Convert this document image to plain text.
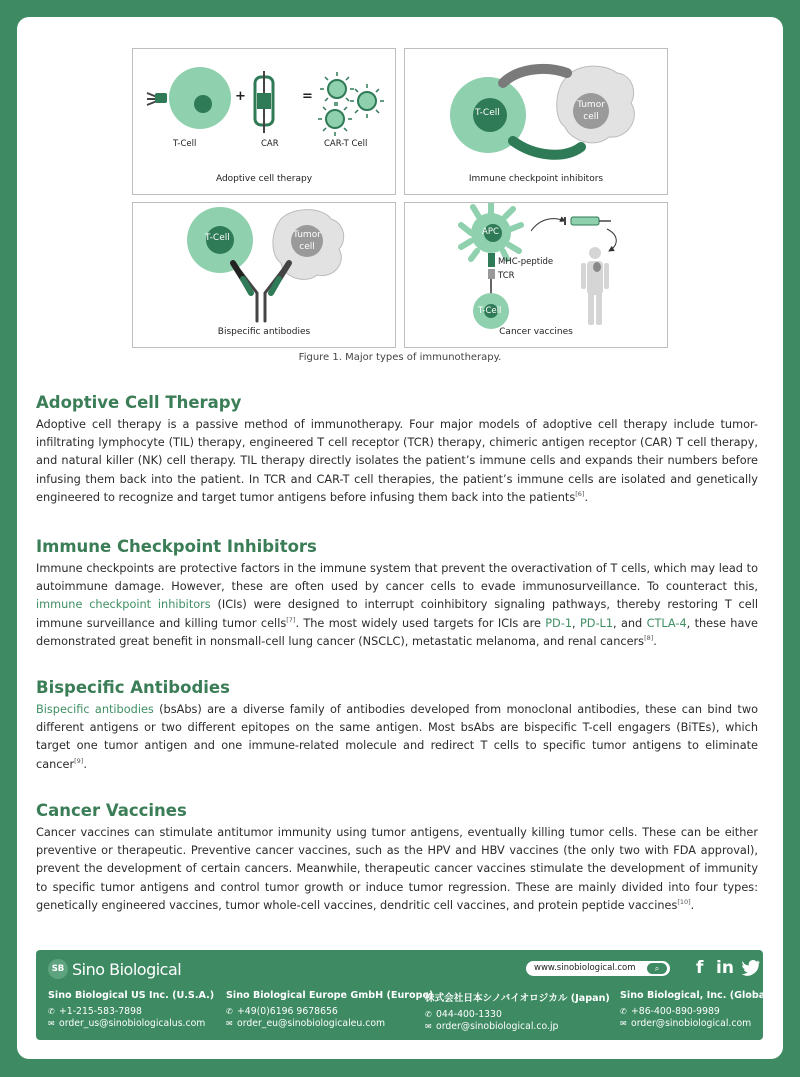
+	=
T-Cell	CAR	CAR-T Cell
Adoptive cell therapy
T-Cell
Tumor cell
Immune checkpoint inhibitors
T-Cell	Tumor cell
Bispecific antibodies
APC
MHC-peptide
TCR
T-Cell
Cancer vaccines
Figure 1. Major types of immunotherapy.
Adoptive Cell Therapy

Adoptive cell therapy is a passive method of immunotherapy. Four major models of adoptive cell therapy include tumor-infiltrating lymphocyte (TIL) therapy, engineered T cell receptor (TCR) therapy, chimeric antigen receptor (CAR) T cell therapy, and natural killer (NK) cell therapy. TIL therapy directly isolates the patient’s immune cells and expands their numbers before infusing them back into the patient. In TCR and CAR-T cell therapies, the patient’s immune cells are isolated and genetically engineered to recognize and target tumor antigens before infusing them back into the patients[6].

Immune Checkpoint Inhibitors

Immune checkpoints are protective factors in the immune system that prevent the overactivation of T cells, which may lead to autoimmune damage. However, these are often used by cancer cells to evade immunosurveillance. To counteract this, immune checkpoint inhibitors (ICIs) were designed to interrupt coinhibitory signaling pathways, thereby restoring T cell immune surveillance and killing tumor cells[7]. The most widely used targets for ICIs are PD-1, PD-L1, and CTLA-4, these have demonstrated great benefit in nonsmall-cell lung cancer (NSCLC), metastatic melanoma, and renal cancers[8].

Bispecific Antibodies

Bispecific antibodies (bsAbs) are a diverse family of antibodies developed from monoclonal antibodies, these can bind two different antigens or two different epitopes on the same antigen. Most bsAbs are bispecific T-cell engagers (BiTEs), which target one tumor antigen and one immune-related molecule and redirect T cells to specific tumor antigens to eliminate cancer[9].

Cancer Vaccines

Cancer vaccines can stimulate antitumor immunity using tumor antigens, eventually killing tumor cells. These can be either preventive or therapeutic. Preventive cancer vaccines, such as the HPV and HBV vaccines (the only two with FDA approval), prevent the development of certain cancers. Meanwhile, therapeutic cancer vaccines stimulate the development of immunity to specific tumor antigens and control tumor growth or induce tumor regression. These are mainly divided into four types: genetically engineered vaccines, tumor whole-cell vaccines, dendritic cell vaccines, and protein peptide vaccines[10].

SB Sino Biological	www.sinobiological.com	⌕	f in
Sino Biological US Inc. (U.S.A.)
✆ +1-215-583-7898
✉ order_us@sinobiologicalus.com
Sino Biological Europe GmbH (Europe)
✆ +49(0)6196 9678656
✉ order_eu@sinobiologicaleu.com
株式会社日本シノバイオロジカル (Japan)
✆ 044-400-1330
✉ order@sinobiological.co.jp
Sino Biological, Inc. (Global)
✆ +86-400-890-9989
✉ order@sinobiological.com
